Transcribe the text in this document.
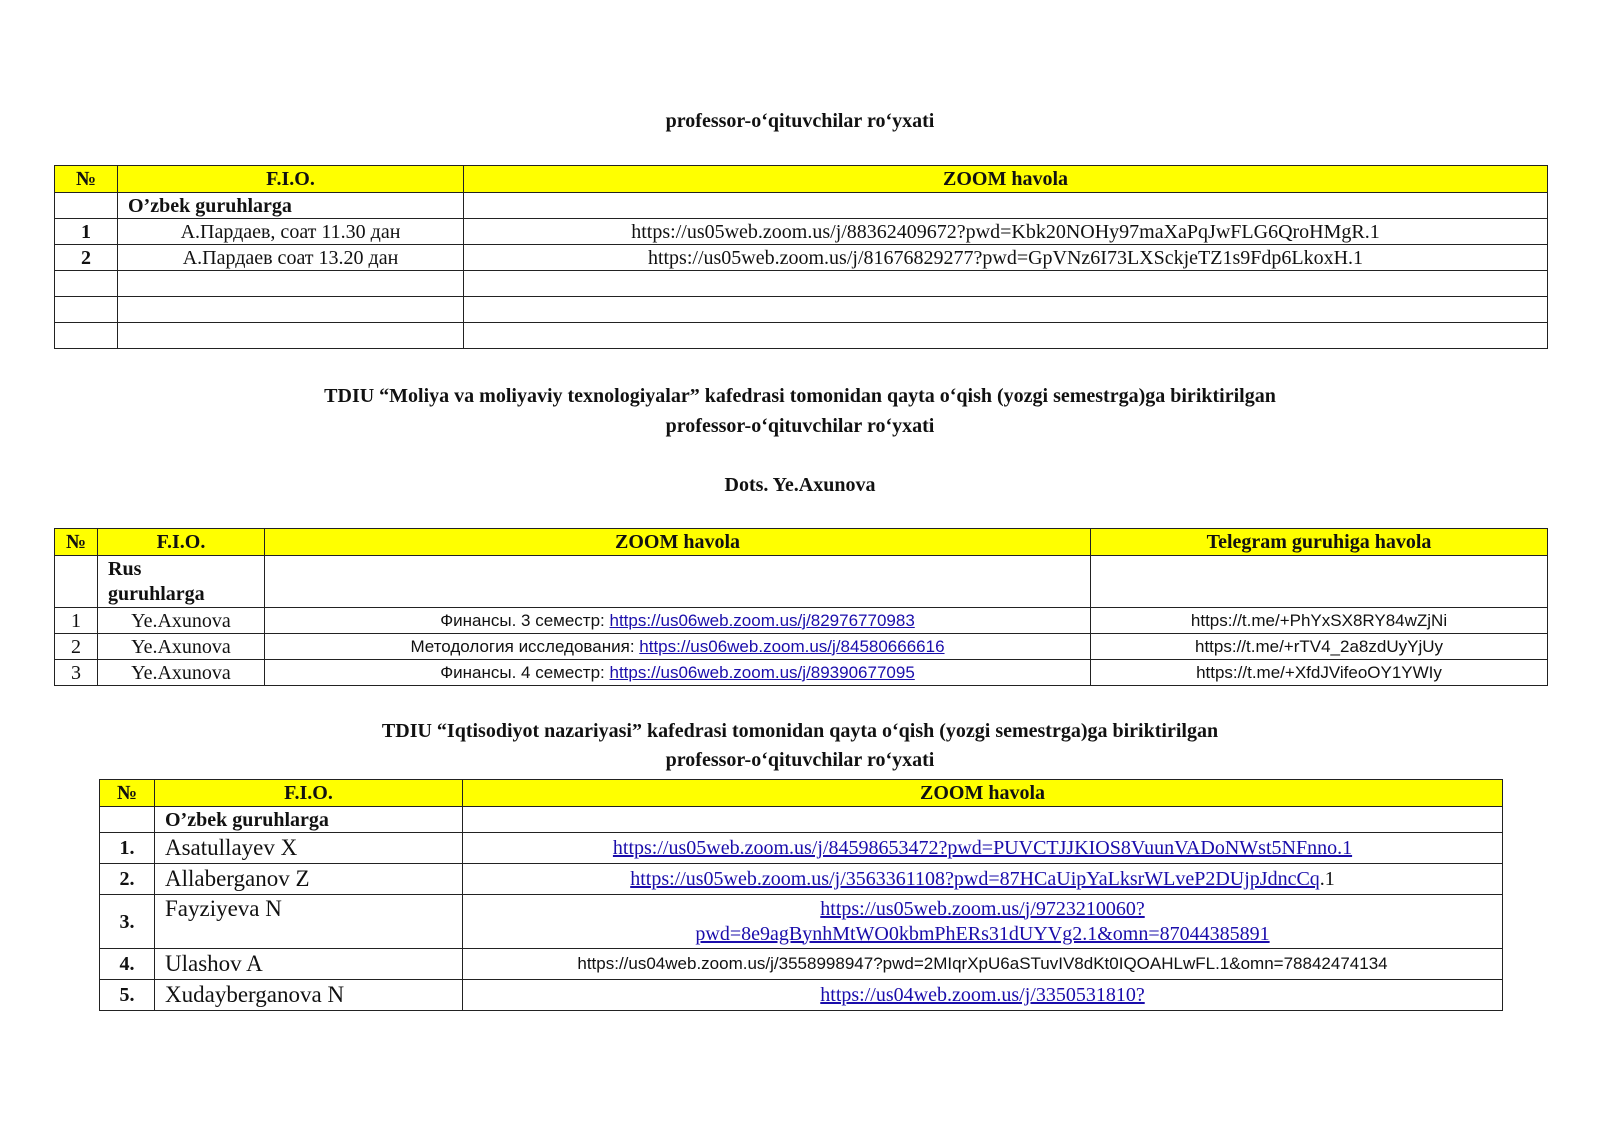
professor-o‘qituvchilar ro‘yxati
№	F.I.O.	ZOOM havola
	O’zbek guruhlarga	
1	А.Пардаев, соат 11.30 дан	https://us05web.zoom.us/j/88362409672?pwd=Kbk20NOHy97maXaPqJwFLG6QroHMgR.1
2	А.Пардаев соат 13.20 дан	https://us05web.zoom.us/j/81676829277?pwd=GpVNz6I73LXSckjeTZ1s9Fdp6LkoxH.1

TDIU “Moliya va moliyaviy texnologiyalar” kafedrasi tomonidan qayta o‘qish (yozgi semestrga)ga biriktirilgan
professor-o‘qituvchilar ro‘yxati
Dots. Ye.Axunova
№	F.I.O.	ZOOM havola	Telegram guruhiga havola
	Rus
guruhlarga		
1	Ye.Axunova	Финансы. 3 семестр: https://us06web.zoom.us/j/82976770983	https://t.me/+PhYxSX8RY84wZjNi
2	Ye.Axunova	Методология исследования: https://us06web.zoom.us/j/84580666616	https://t.me/+rTV4_2a8zdUyYjUy
3	Ye.Axunova	Финансы. 4 семестр: https://us06web.zoom.us/j/89390677095	https://t.me/+XfdJVifeoOY1YWIy
TDIU “Iqtisodiyot nazariyasi” kafedrasi tomonidan qayta o‘qish (yozgi semestrga)ga biriktirilgan
professor-o‘qituvchilar ro‘yxati
№	F.I.O.	ZOOM havola
	O’zbek guruhlarga	
1.	Asatullayev X	https://us05web.zoom.us/j/84598653472?pwd=PUVCTJJKIOS8VuunVADoNWst5NFnno.1
2.	Allaberganov Z	https://us05web.zoom.us/j/3563361108?pwd=87HCaUipYaLksrWLveP2DUjpJdncCq.1
3.	Fayziyeva N	https://us05web.zoom.us/j/9723210060?
pwd=8e9agBynhMtWO0kbmPhERs31dUYVg2.1&omn=87044385891
4.	Ulashov A	https://us04web.zoom.us/j/3558998947?pwd=2MIqrXpU6aSTuvIV8dKt0IQOAHLwFL.1&omn=78842474134
5.	Xudayberganova N	https://us04web.zoom.us/j/3350531810?
